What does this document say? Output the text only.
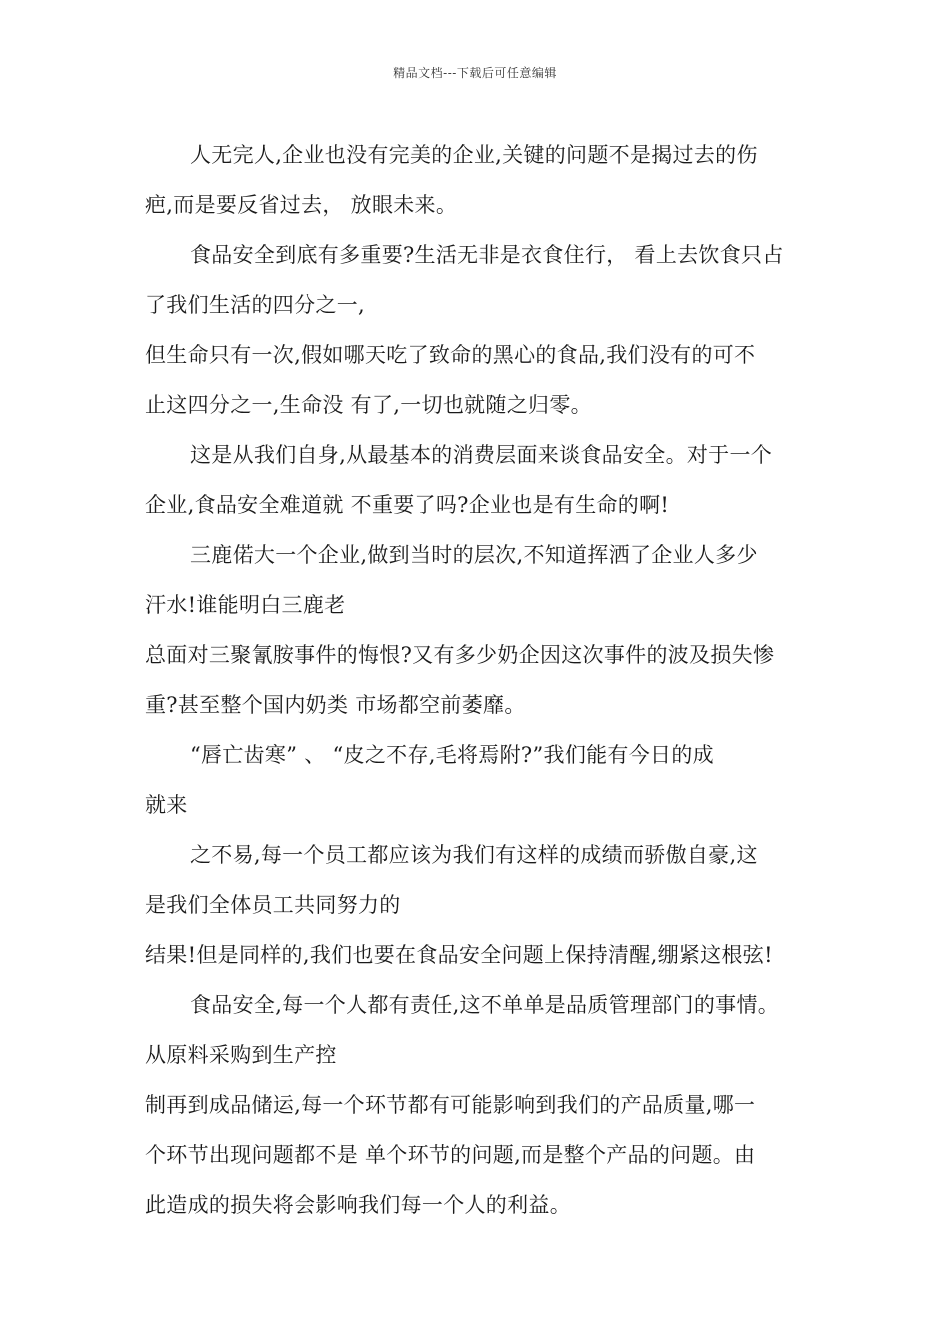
精品文档---下载后可任意编辑
人无完人,企业也没有完美的企业,关键的问题不是揭过去的伤
疤,而是要反省过去， 放眼未来。
食品安全到底有多重要?生活无非是衣食住行， 看上去饮食只占
了我们生活的四分之一,
但生命只有一次,假如哪天吃了致命的黑心的食品,我们没有的可不
止这四分之一,生命没 有了,一切也就随之归零。
这是从我们自身,从最基本的消费层面来谈食品安全。对于一个
企业,食品安全难道就 不重要了吗?企业也是有生命的啊!
三鹿偌大一个企业,做到当时的层次,不知道挥洒了企业人多少
汗水!谁能明白三鹿老
总面对三聚氰胺事件的悔恨?又有多少奶企因这次事件的波及损失惨
重?甚至整个国内奶类 市场都空前萎靡。
“唇亡齿寒” 、 “皮之不存,毛将焉附?”我们能有今日的成
就来
之不易,每一个员工都应该为我们有这样的成绩而骄傲自豪,这
是我们全体员工共同努力的
结果!但是同样的,我们也要在食品安全问题上保持清醒,绷紧这根弦!
食品安全,每一个人都有责任,这不单单是品质管理部门的事情。
从原料采购到生产控
制再到成品储运,每一个环节都有可能影响到我们的产品质量,哪一
个环节出现问题都不是 单个环节的问题,而是整个产品的问题。由
此造成的损失将会影响我们每一个人的利益。
